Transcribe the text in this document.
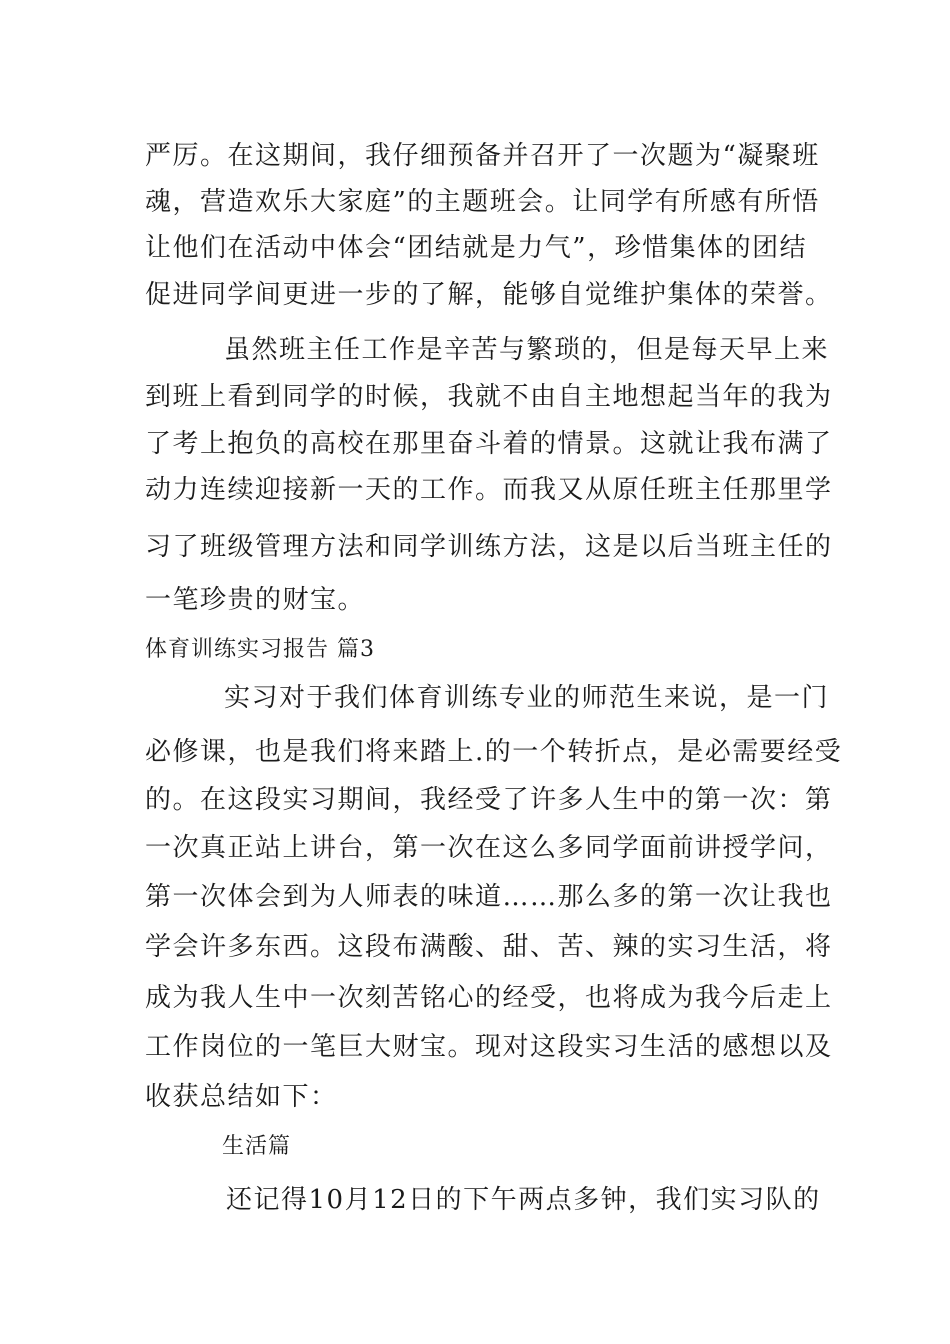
严厉。在这期间，我仔细预备并召开了一次题为“凝聚班
魂，营造欢乐大家庭”的主题班会。让同学有所感有所悟
让他们在活动中体会“团结就是力气”，珍惜集体的团结
促进同学间更进一步的了解，能够自觉维护集体的荣誉。
虽然班主任工作是辛苦与繁琐的，但是每天早上来
到班上看到同学的时候，我就不由自主地想起当年的我为
了考上抱负的高校在那里奋斗着的情景。这就让我布满了
动力连续迎接新一天的工作。而我又从原任班主任那里学
习了班级管理方法和同学训练方法，这是以后当班主任的
一笔珍贵的财宝。
体育训练实习报告 篇3
实习对于我们体育训练专业的师范生来说，是一门
必修课，也是我们将来踏上.的一个转折点，是必需要经受
的。在这段实习期间，我经受了许多人生中的第一次：第
一次真正站上讲台，第一次在这么多同学面前讲授学问，
第一次体会到为人师表的味道……那么多的第一次让我也
学会许多东西。这段布满酸、甜、苦、辣的实习生活，将
成为我人生中一次刻苦铭心的经受，也将成为我今后走上
工作岗位的一笔巨大财宝。现对这段实习生活的感想以及
收获总结如下：
生活篇
还记得10月12日的下午两点多钟，我们实习队的
